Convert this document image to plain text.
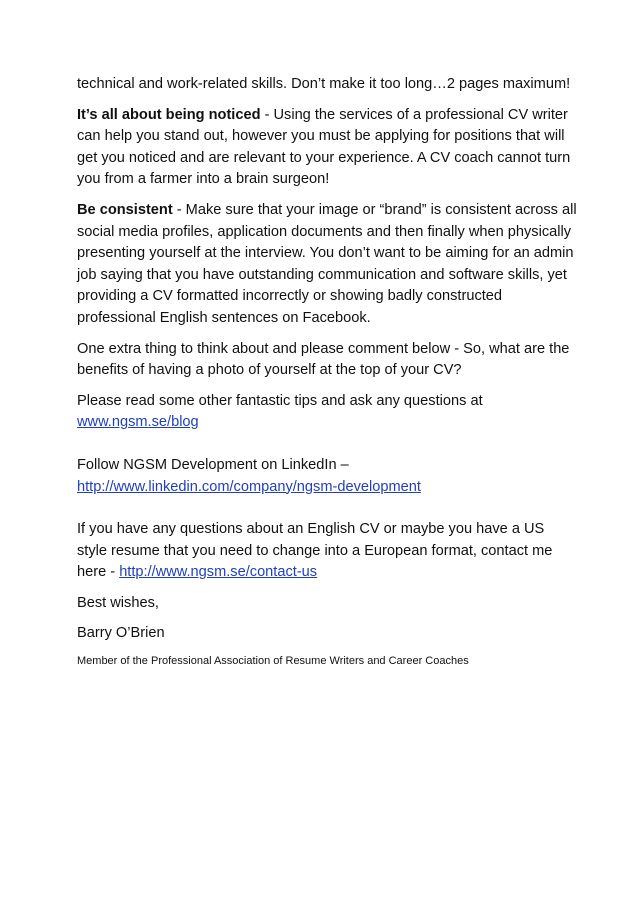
technical and work-related skills. Don’t make it too long…2 pages maximum!

It’s all about being noticed - Using the services of a professional CV writer can help you stand out, however you must be applying for positions that will get you noticed and are relevant to your experience. A CV coach cannot turn you from a farmer into a brain surgeon!

Be consistent - Make sure that your image or “brand” is consistent across all social media profiles, application documents and then finally when physically presenting yourself at the interview. You don’t want to be aiming for an admin job saying that you have outstanding communication and software skills, yet providing a CV formatted incorrectly or showing badly constructed professional English sentences on Facebook.

One extra thing to think about and please comment below - So, what are the benefits of having a photo of yourself at the top of your CV?

Please read some other fantastic tips and ask any questions at www.ngsm.se/blog

Follow NGSM Development on LinkedIn – http://www.linkedin.com/company/ngsm-development

If you have any questions about an English CV or maybe you have a US style resume that you need to change into a European format, contact me here - http://www.ngsm.se/contact-us

Best wishes,

Barry O’Brien

Member of the Professional Association of Resume Writers and Career Coaches
